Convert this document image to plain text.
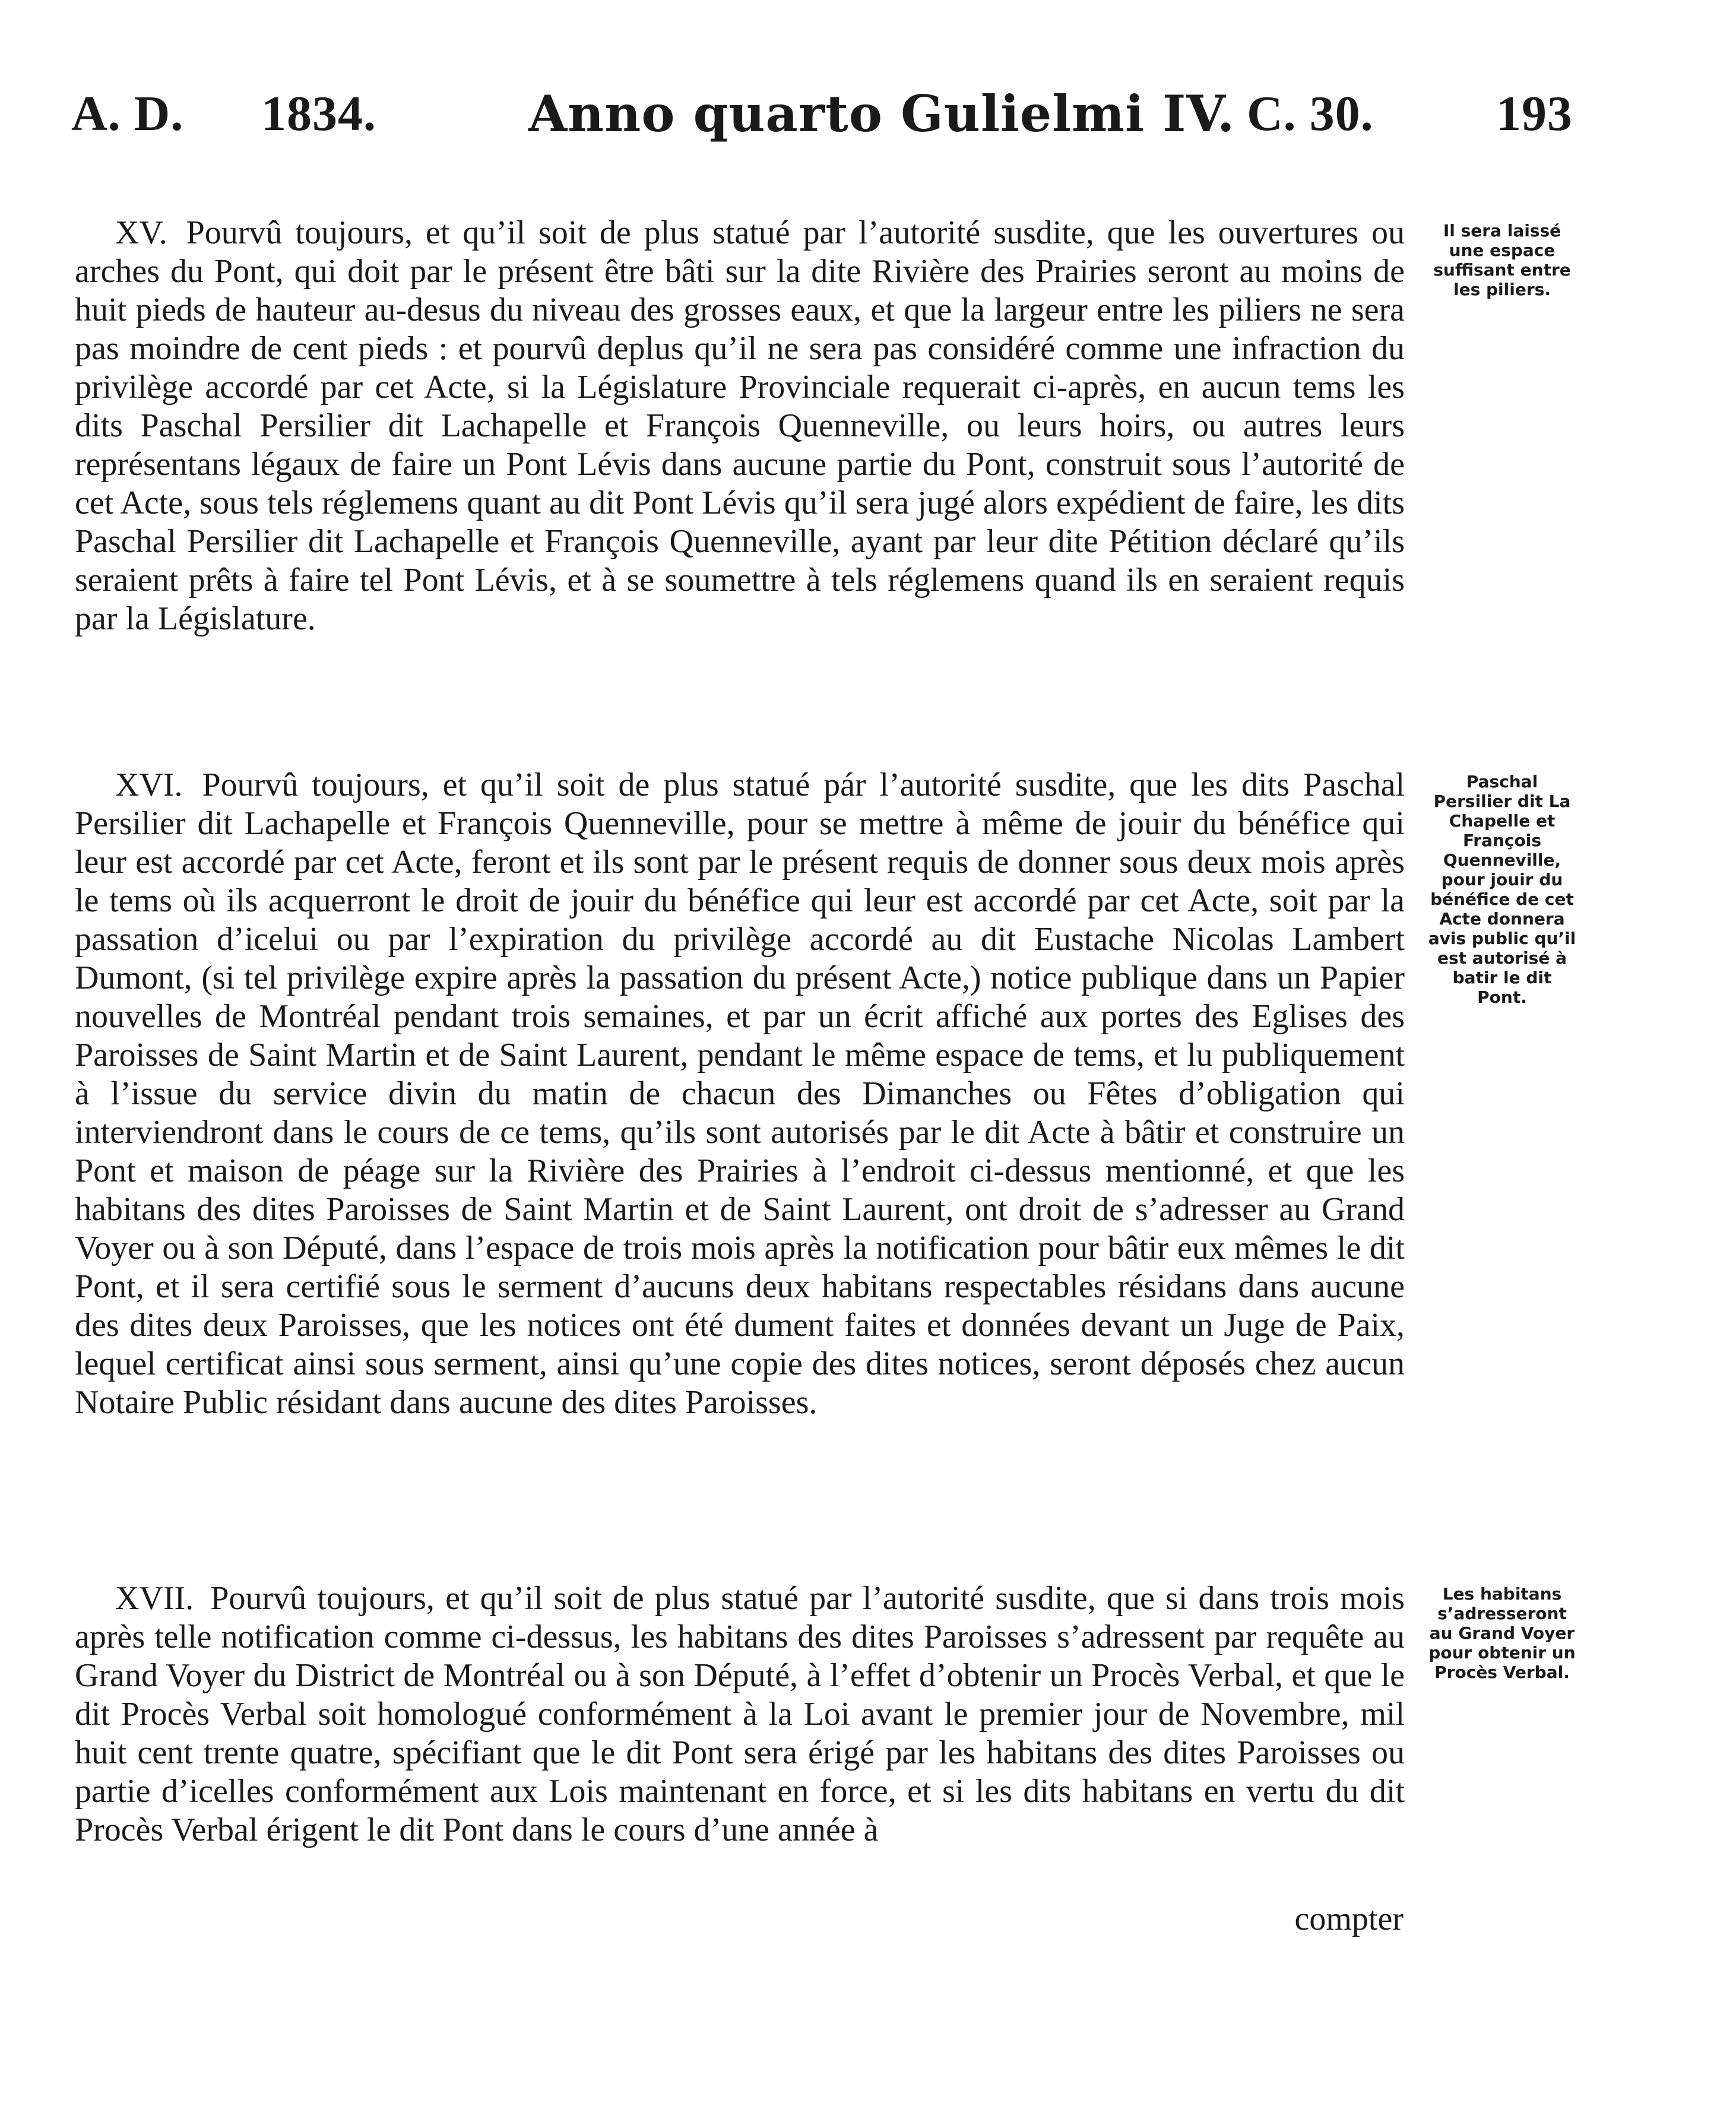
A. D. 1834.	Anno quarto Gulielmi IV. C. 30. 193

XV. Pourvû toujours, et qu’il soit de plus statué par l’autorité susdite, que les ouvertures ou arches du Pont, qui doit par le présent être bâti sur la dite Rivière des Prairies seront au moins de huit pieds de hauteur au-desus du niveau des grosses eaux, et que la largeur entre les piliers ne sera pas moindre de cent pieds : et pourvû deplus qu’il ne sera pas considéré comme une infraction du privilège accordé par cet Acte, si la Législature Provinciale requerait ci-après, en aucun tems les dits Paschal Persilier dit Lachapelle et François Quenneville, ou leurs hoirs, ou autres leurs représentans légaux de faire un Pont Lévis dans aucune partie du Pont, construit sous l’autorité de cet Acte, sous tels réglemens quant au dit Pont Lévis qu’il sera jugé alors expédient de faire, les dits Paschal Persilier dit Lachapelle et François Quenneville, ayant par leur dite Pétition déclaré qu’ils seraient prêts à faire tel Pont Lévis, et à se soumettre à tels réglemens quand ils en seraient requis par la Législature.

Il sera laissé une espace suffisant entre les piliers.

XVI. Pourvû toujours, et qu’il soit de plus statué pár l’autorité susdite, que les dits Paschal Persilier dit Lachapelle et François Quenneville, pour se mettre à même de jouir du bénéfice qui leur est accordé par cet Acte, feront et ils sont par le présent requis de donner sous deux mois après le tems où ils acquerront le droit de jouir du bénéfice qui leur est accordé par cet Acte, soit par la passation d’icelui ou par l’expiration du privilège accordé au dit Eustache Nicolas Lambert Dumont, (si tel privilège expire après la passation du présent Acte,) notice publique dans un Papier nouvelles de Montréal pendant trois semaines, et par un écrit affiché aux portes des Eglises des Paroisses de Saint Martin et de Saint Laurent, pendant le même espace de tems, et lu publiquement à l’issue du service divin du matin de chacun des Dimanches ou Fêtes d’obligation qui interviendront dans le cours de ce tems, qu’ils sont autorisés par le dit Acte à bâtir et construire un Pont et maison de péage sur la Rivière des Prairies à l’endroit ci-dessus mentionné, et que les habitans des dites Paroisses de Saint Martin et de Saint Laurent, ont droit de s’adresser au Grand Voyer ou à son Député, dans l’espace de trois mois après la notification pour bâtir eux mêmes le dit Pont, et il sera certifié sous le serment d’aucuns deux habitans respectables résidans dans aucune des dites deux Paroisses, que les notices ont été dument faites et données devant un Juge de Paix, lequel certificat ainsi sous serment, ainsi qu’une copie des dites notices, seront déposés chez aucun Notaire Public résidant dans aucune des dites Paroisses.

Paschal Persilier dit La Chapelle et François Quenneville, pour jouir du bénéfice de cet Acte donnera avis public qu’il est autorisé à batir le dit Pont.

XVII. Pourvû toujours, et qu’il soit de plus statué par l’autorité susdite, que si dans trois mois après telle notification comme ci-dessus, les habitans des dites Paroisses s’adressent par requête au Grand Voyer du District de Montréal ou à son Député, à l’effet d’obtenir un Procès Verbal, et que le dit Procès Verbal soit homologué conformément à la Loi avant le premier jour de Novembre, mil huit cent trente quatre, spécifiant que le dit Pont sera érigé par les habitans des dites Paroisses ou partie d’icelles conformément aux Lois maintenant en force, et si les dits habitans en vertu du dit Procès Verbal érigent le dit Pont dans le cours d’une année à

Les habitans s’adresseront au Grand Voyer pour obtenir un Procès Verbal.
compter
